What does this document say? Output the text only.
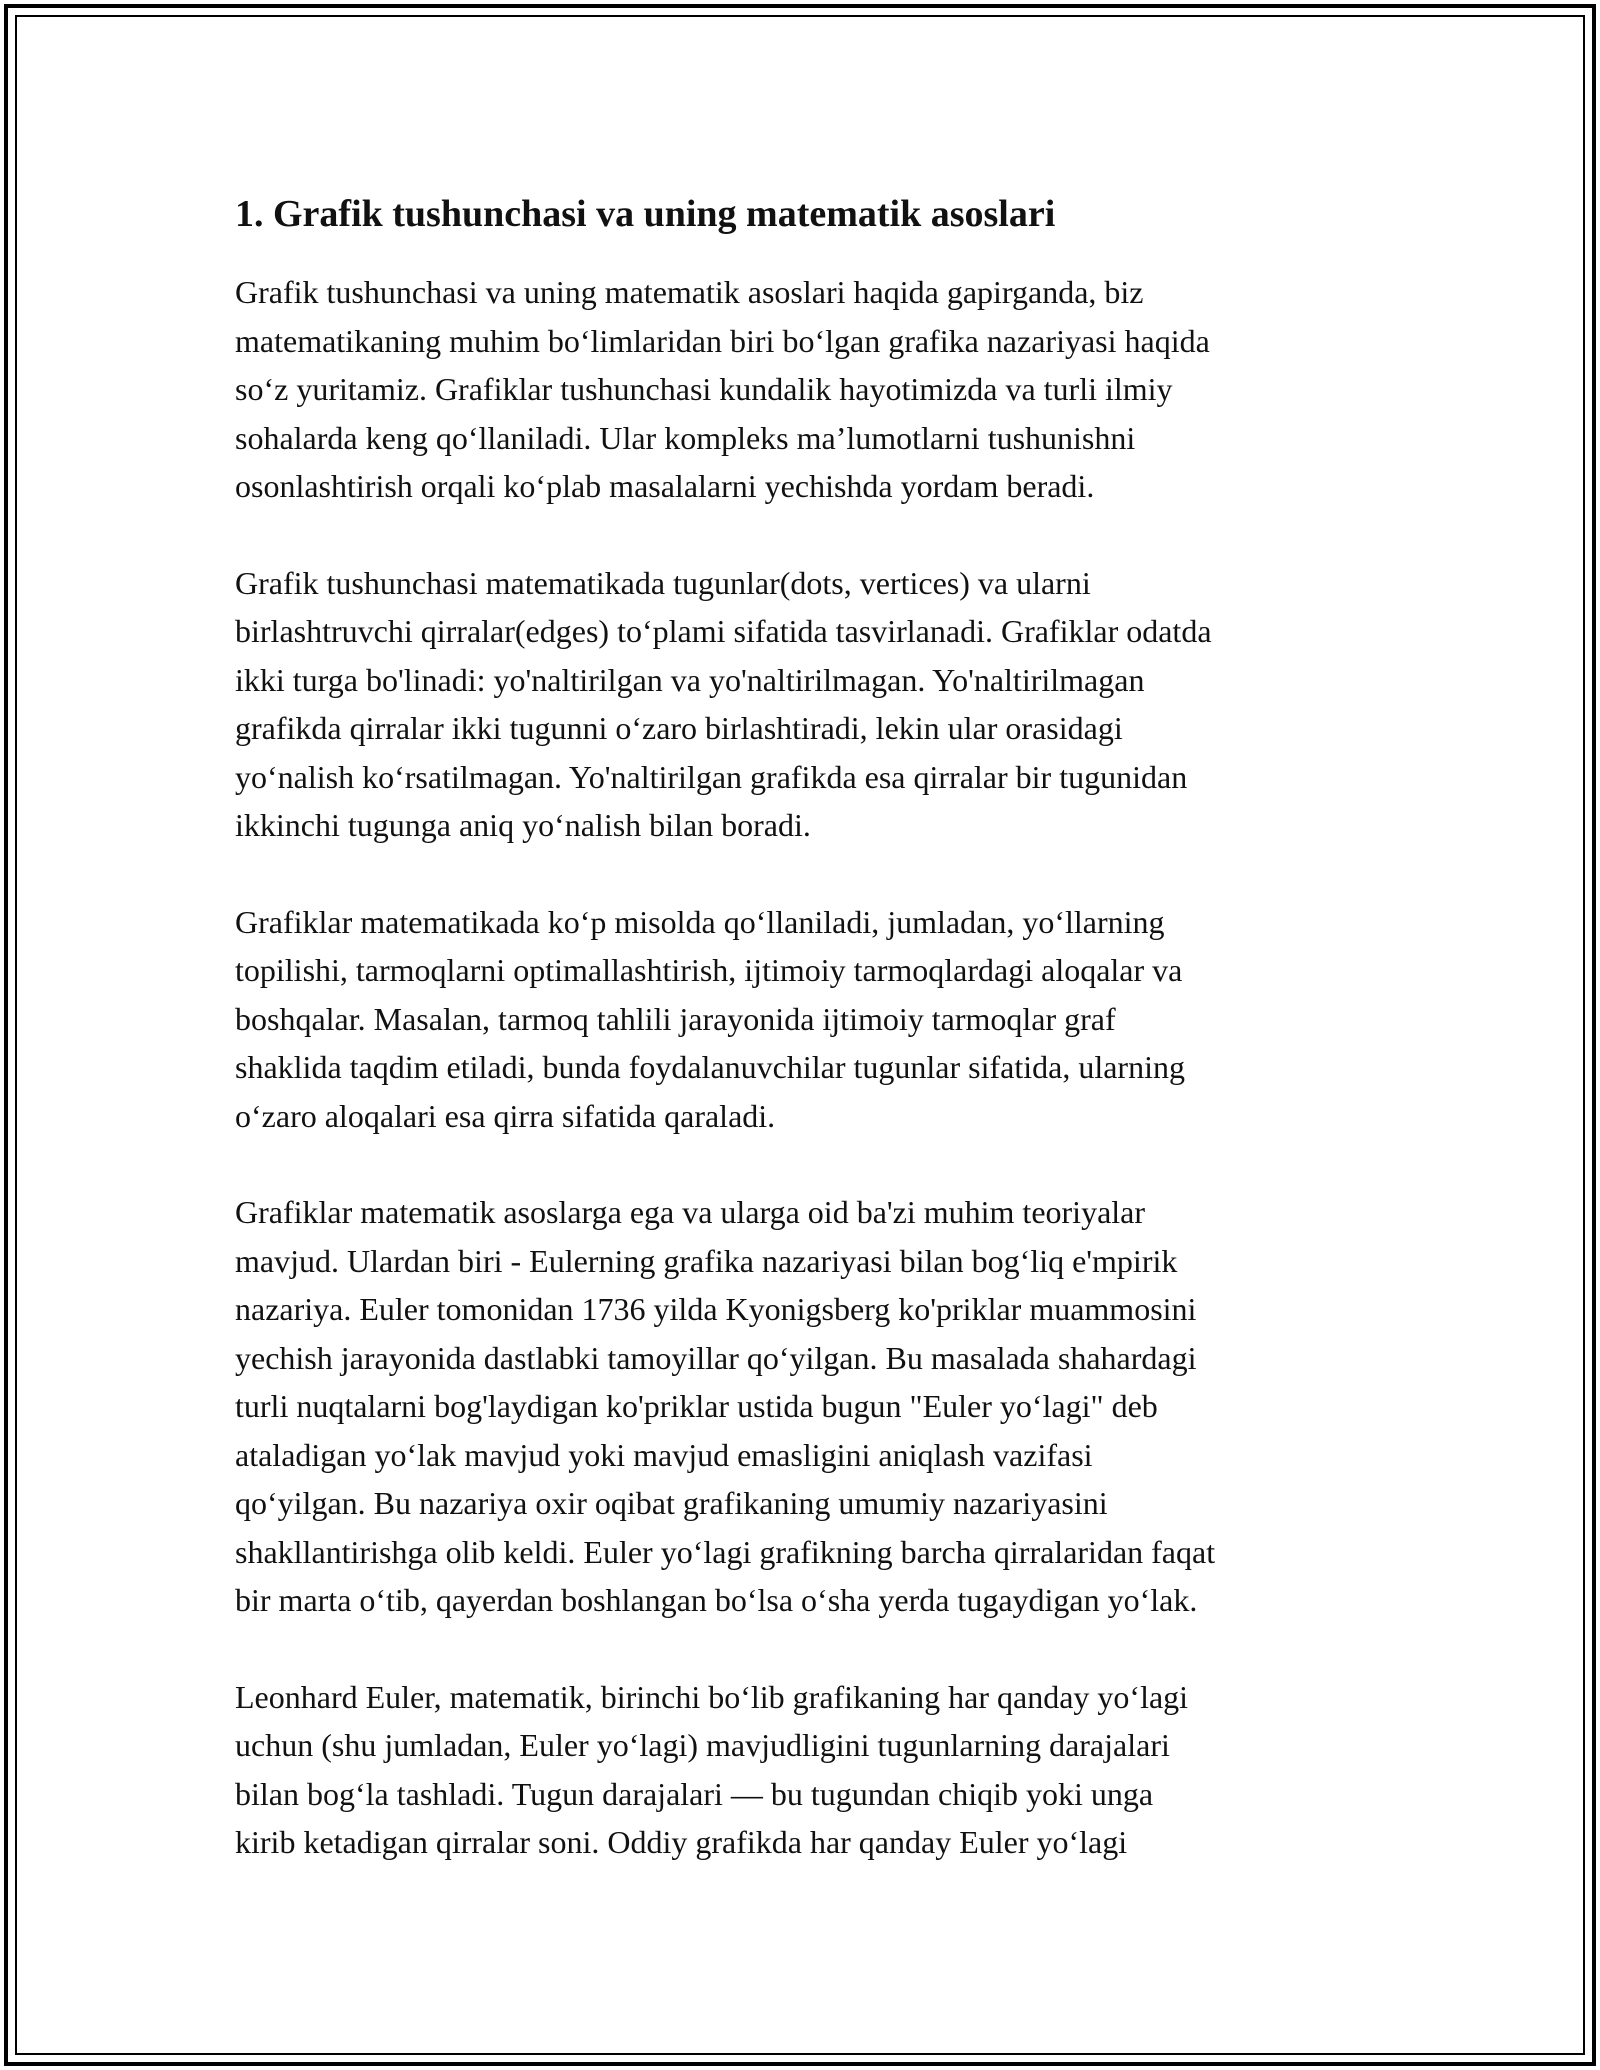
1. Grafik tushunchasi va uning matematik asoslari

Grafik tushunchasi va uning matematik asoslari haqida gapirganda, biz
matematikaning muhim bo‘limlaridan biri bo‘lgan grafika nazariyasi haqida
so‘z yuritamiz. Grafiklar tushunchasi kundalik hayotimizda va turli ilmiy
sohalarda keng qo‘llaniladi. Ular kompleks ma’lumotlarni tushunishni
osonlashtirish orqali ko‘plab masalalarni yechishda yordam beradi.

Grafik tushunchasi matematikada tugunlar(dots, vertices) va ularni
birlashtruvchi qirralar(edges) to‘plami sifatida tasvirlanadi. Grafiklar odatda
ikki turga bo'linadi: yo'naltirilgan va yo'naltirilmagan. Yo'naltirilmagan
grafikda qirralar ikki tugunni o‘zaro birlashtiradi, lekin ular orasidagi
yo‘nalish ko‘rsatilmagan. Yo'naltirilgan grafikda esa qirralar bir tugunidan
ikkinchi tugunga aniq yo‘nalish bilan boradi.

Grafiklar matematikada ko‘p misolda qo‘llaniladi, jumladan, yo‘llarning
topilishi, tarmoqlarni optimallashtirish, ijtimoiy tarmoqlardagi aloqalar va
boshqalar. Masalan, tarmoq tahlili jarayonida ijtimoiy tarmoqlar graf
shaklida taqdim etiladi, bunda foydalanuvchilar tugunlar sifatida, ularning
o‘zaro aloqalari esa qirra sifatida qaraladi.

Grafiklar matematik asoslarga ega va ularga oid ba'zi muhim teoriyalar
mavjud. Ulardan biri - Eulerning grafika nazariyasi bilan bog‘liq e'mpirik
nazariya. Euler tomonidan 1736 yilda Kyonigsberg ko'priklar muammosini
yechish jarayonida dastlabki tamoyillar qo‘yilgan. Bu masalada shahardagi
turli nuqtalarni bog'laydigan ko'priklar ustida bugun "Euler yo‘lagi" deb
ataladigan yo‘lak mavjud yoki mavjud emasligini aniqlash vazifasi
qo‘yilgan. Bu nazariya oxir oqibat grafikaning umumiy nazariyasini
shakllantirishga olib keldi. Euler yo‘lagi grafikning barcha qirralaridan faqat
bir marta o‘tib, qayerdan boshlangan bo‘lsa o‘sha yerda tugaydigan yo‘lak.

Leonhard Euler, matematik, birinchi bo‘lib grafikaning har qanday yo‘lagi
uchun (shu jumladan, Euler yo‘lagi) mavjudligini tugunlarning darajalari
bilan bog‘la tashladi. Tugun darajalari — bu tugundan chiqib yoki unga
kirib ketadigan qirralar soni. Oddiy grafikda har qanday Euler yo‘lagi
